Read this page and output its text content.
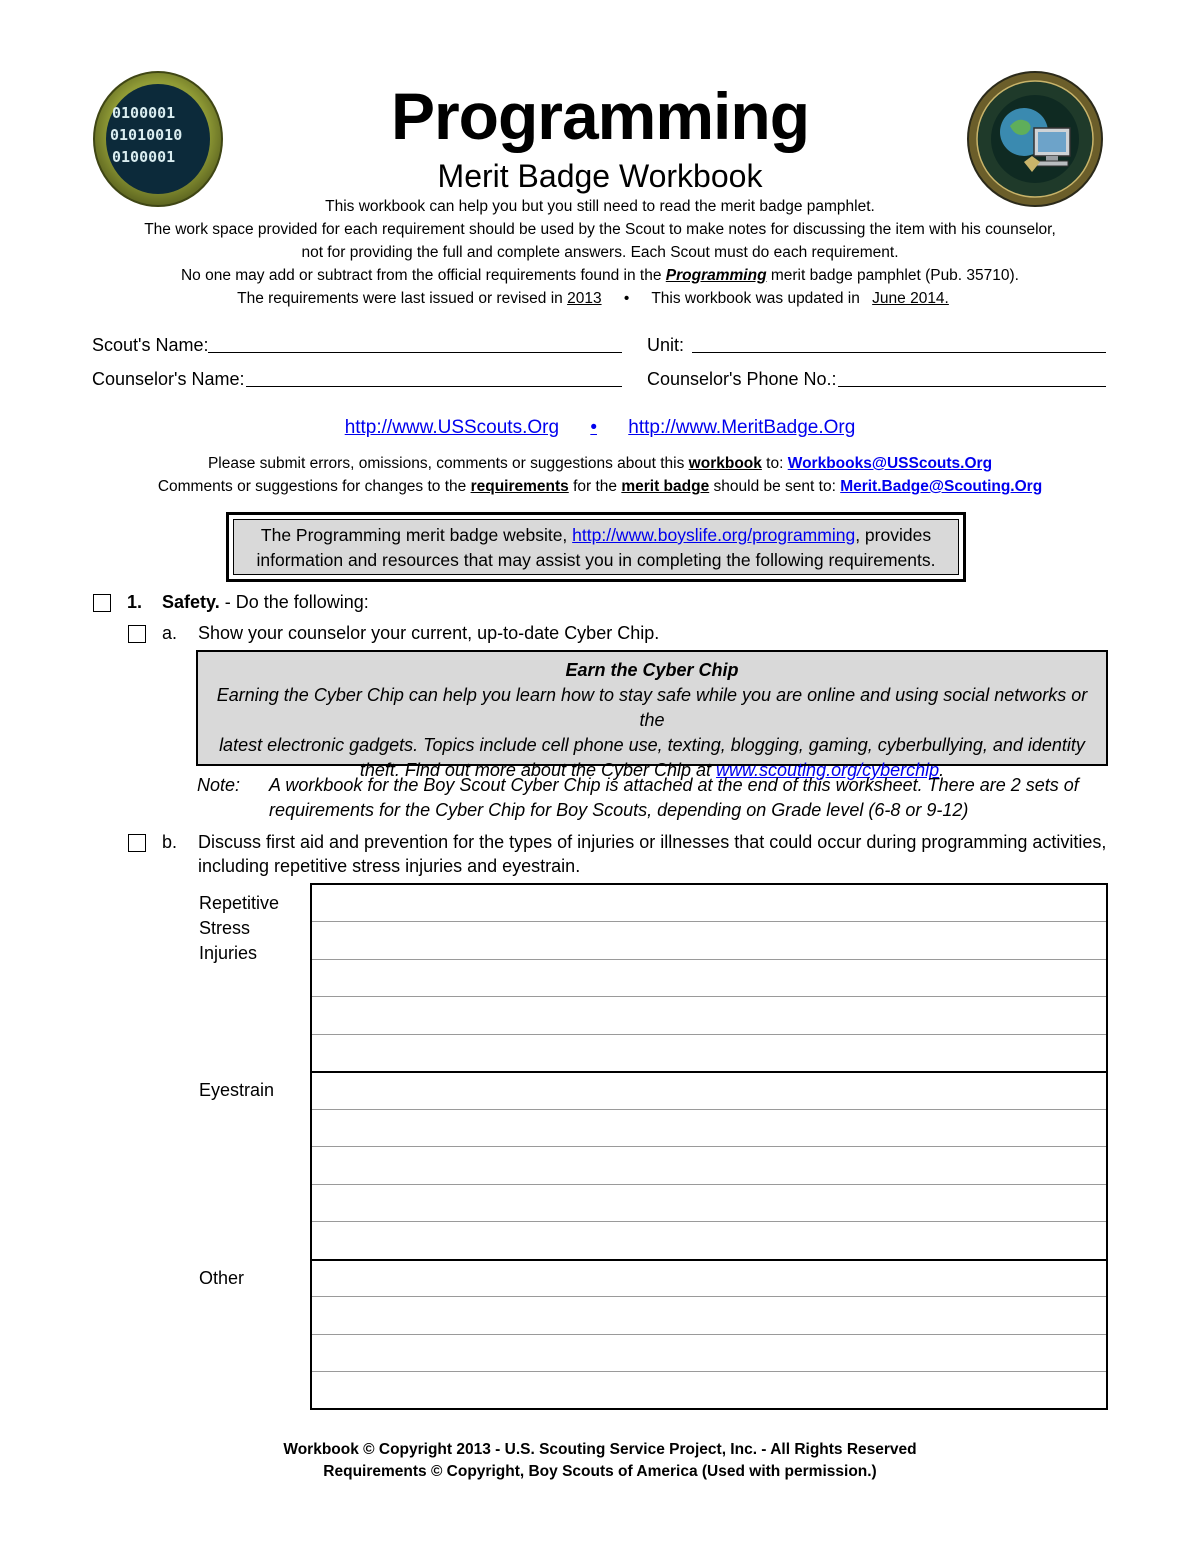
0100001
01010010
0100001
Programming
Merit Badge Workbook
This workbook can help you but you still need to read the merit badge pamphlet.
The work space provided for each requirement should be used by the Scout to make notes for discussing the item with his counselor,
not for providing the full and complete answers. Each Scout must do each requirement.
No one may add or subtract from the official requirements found in the Programming merit badge pamphlet (Pub. 35710).
The requirements were last issued or revised in 2013 • This workbook was updated in June 2014.
Scout's Name:	Unit:
Counselor's Name:	Counselor's Phone No.:
http://www.USScouts.Org • http://www.MeritBadge.Org
Please submit errors, omissions, comments or suggestions about this workbook to: Workbooks@USScouts.Org
Comments or suggestions for changes to the requirements for the merit badge should be sent to: Merit.Badge@Scouting.Org
The Programming merit badge website, http://www.boyslife.org/programming, provides
information and resources that may assist you in completing the following requirements.
1. Safety. - Do the following:
a. Show your counselor your current, up-to-date Cyber Chip.
Earn the Cyber Chip
Earning the Cyber Chip can help you learn how to stay safe while you are online and using social networks or the
latest electronic gadgets. Topics include cell phone use, texting, blogging, gaming, cyberbullying, and identity
theft. Find out more about the Cyber Chip at www.scouting.org/cyberchip.
Note: A workbook for the Boy Scout Cyber Chip is attached at the end of this worksheet. There are 2 sets of
requirements for the Cyber Chip for Boy Scouts, depending on Grade level (6-8 or 9-12)
b. Discuss first aid and prevention for the types of injuries or illnesses that could occur during programming activities,
including repetitive stress injuries and eyestrain.
Repetitive
Stress
Injuries
Eyestrain
Other
Workbook © Copyright 2013 - U.S. Scouting Service Project, Inc. - All Rights Reserved
Requirements © Copyright, Boy Scouts of America (Used with permission.)
